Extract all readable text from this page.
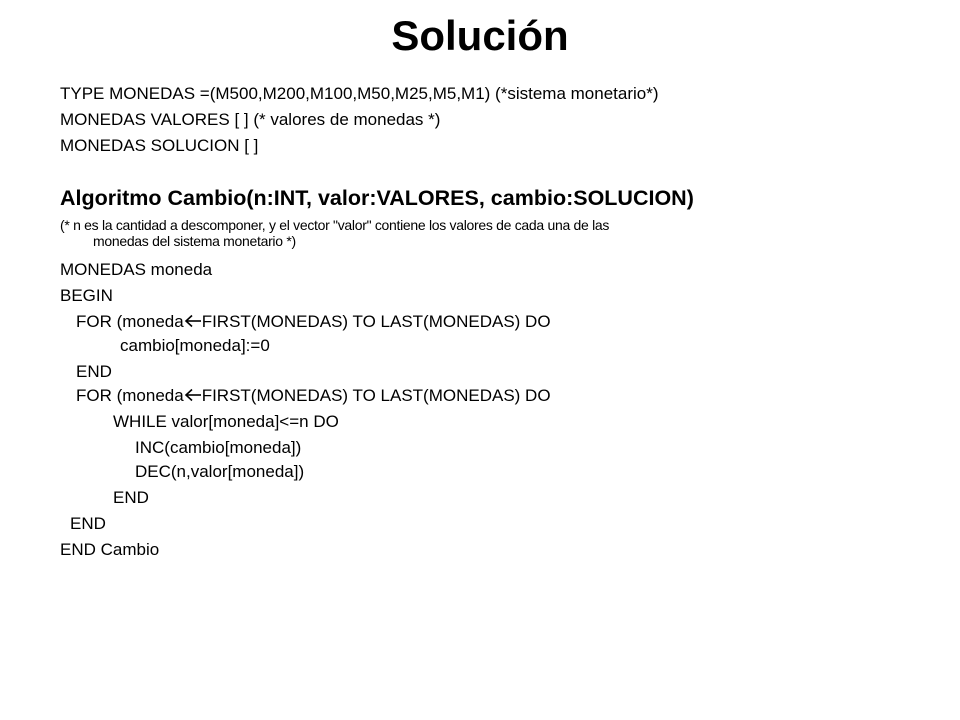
Solución
TYPE MONEDAS =(M500,M200,M100,M50,M25,M5,M1) (*sistema monetario*)
MONEDAS VALORES [ ] (* valores de monedas *)
MONEDAS SOLUCION [ ]
Algoritmo Cambio(n:INT, valor:VALORES, cambio:SOLUCION)
(* n es la cantidad a descomponer, y el vector "valor" contiene los valores de cada una de las
monedas del sistema monetario *)
MONEDAS moneda
BEGIN
FOR (moneda FIRST(MONEDAS) TO LAST(MONEDAS) DO
cambio[moneda]:=0
END
FOR (moneda FIRST(MONEDAS) TO LAST(MONEDAS) DO
WHILE valor[moneda]<=n DO
INC(cambio[moneda])
DEC(n,valor[moneda])
END
END
END Cambio
